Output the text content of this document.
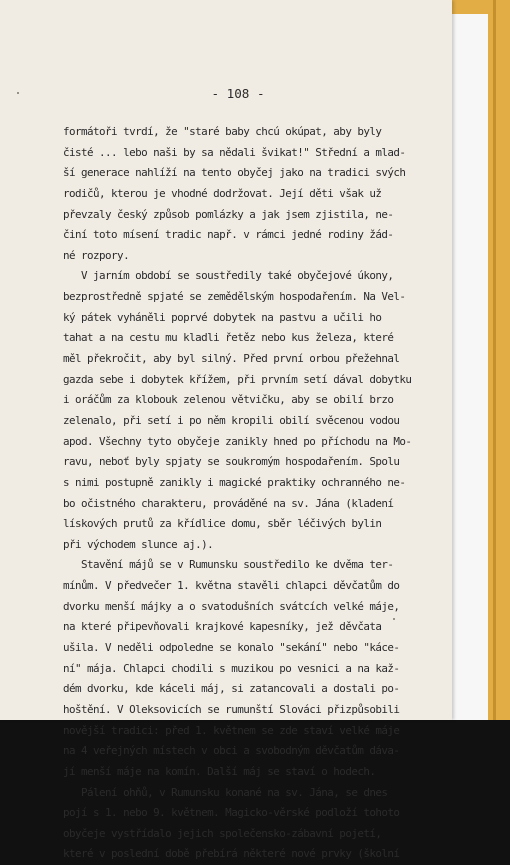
- 108 -
formátoři tvrdí, že "staré baby chcú okúpat, aby byly
čisté ... lebo naši by sa nědali švikat!" Střední a mlad-
ší generace nahlíží na tento obyčej jako na tradici svých
rodičů, kterou je vhodné dodržovat. Její děti však už
převzaly český způsob pomlázky a jak jsem zjistila, ne-
činí toto mísení tradic např. v rámci jedné rodiny žád-
né rozpory.
V jarním období se soustředily také obyčejové úkony,
bezprostředně spjaté se zemědělským hospodařením. Na Vel-
ký pátek vyháněli poprvé dobytek na pastvu a učili ho
tahat a na cestu mu kladli řetěz nebo kus železa, které
měl překročit, aby byl silný. Před první orbou přežehnal
gazda sebe i dobytek křížem, při prvním setí dával dobytku
i oráčům za klobouk zelenou větvičku, aby se obilí brzo
zelenalo, při setí i po něm kropili obilí svěcenou vodou
apod. Všechny tyto obyčeje zanikly hned po příchodu na Mo-
ravu, neboť byly spjaty se soukromým hospodařením. Spolu
s nimi postupně zanikly i magické praktiky ochranného ne-
bo očistného charakteru, prováděné na sv. Jána (kladení
lískových prutů za křídlice domu, sběr léčivých bylin
při východem slunce aj.).
Stavění májů se v Rumunsku soustředilo ke dvěma ter-
mínům. V předvečer 1. května stavěli chlapci děvčatům do
dvorku menší májky a o svatodušních svátcích velké máje,
na které připevňovali krajkové kapesníky, jež děvčata
ušila. V neděli odpoledne se konalo "sekání" nebo "káce-
ní" mája. Chlapci chodili s muzikou po vesnici a na kaž-
dém dvorku, kde káceli máj, si zatancovali a dostali po-
hoštění. V Oleksovicích se rumunští Slováci přizpůsobili
novější tradici: před 1. květnem se zde staví velké máje
na 4 veřejných místech v obci a svobodným děvčatům dáva-
jí menší máje na komín. Další máj se staví o hodech.
Pálení ohňů, v Rumunsku konané na sv. Jána, se dnes
pojí s 1. nebo 9. květnem. Magicko-věrské podloží tohoto
obyčeje vystřídalo jejich společensko-zábavní pojetí,
které v poslední době přebírá některé nové prvky (školní
